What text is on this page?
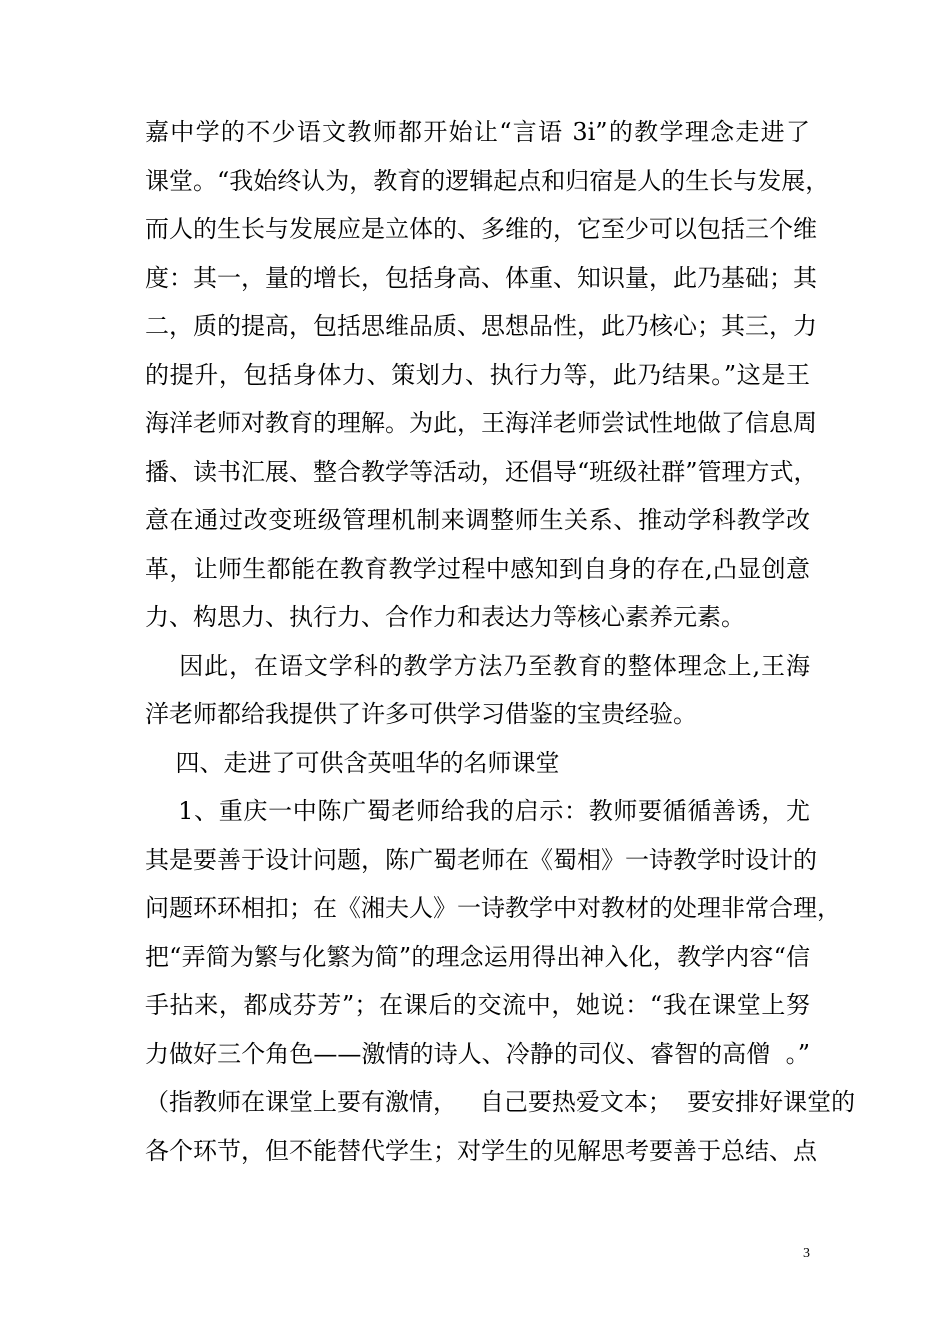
嘉中学的不少语文教师都开始让“言语 3i”的教学理念走进了
课堂。“我始终认为，教育的逻辑起点和归宿是人的生长与发展，
而人的生长与发展应是立体的、多维的，它至少可以包括三个维
度：其一，量的增长，包括身高、体重、知识量，此乃基础；其
二，质的提高，包括思维品质、思想品性，此乃核心；其三，力
的提升，包括身体力、策划力、执行力等，此乃结果。”这是王
海洋老师对教育的理解。为此，王海洋老师尝试性地做了信息周
播、读书汇展、整合教学等活动，还倡导“班级社群”管理方式，
意在通过改变班级管理机制来调整师生关系、推动学科教学改
革，让师生都能在教育教学过程中感知到自身的存在,凸显创意
力、构思力、执行力、合作力和表达力等核心素养元素。
因此，在语文学科的教学方法乃至教育的整体理念上,王海
洋老师都给我提供了许多可供学习借鉴的宝贵经验。
四、走进了可供含英咀华的名师课堂
1、重庆一中陈广蜀老师给我的启示：教师要循循善诱，尤
其是要善于设计问题，陈广蜀老师在《蜀相》一诗教学时设计的
问题环环相扣；在《湘夫人》一诗教学中对教材的处理非常合理，
把“弄简为繁与化繁为简”的理念运用得出神入化，教学内容“信
手拈来，都成芬芳”；在课后的交流中，她说：“我在课堂上努
力做好三个角色——激情的诗人、冷静的司仪、睿智的高僧  。”
（指教师在课堂上要有激情，   自己要热爱文本；  要安排好课堂的
各个环节，但不能替代学生；对学生的见解思考要善于总结、点
3
